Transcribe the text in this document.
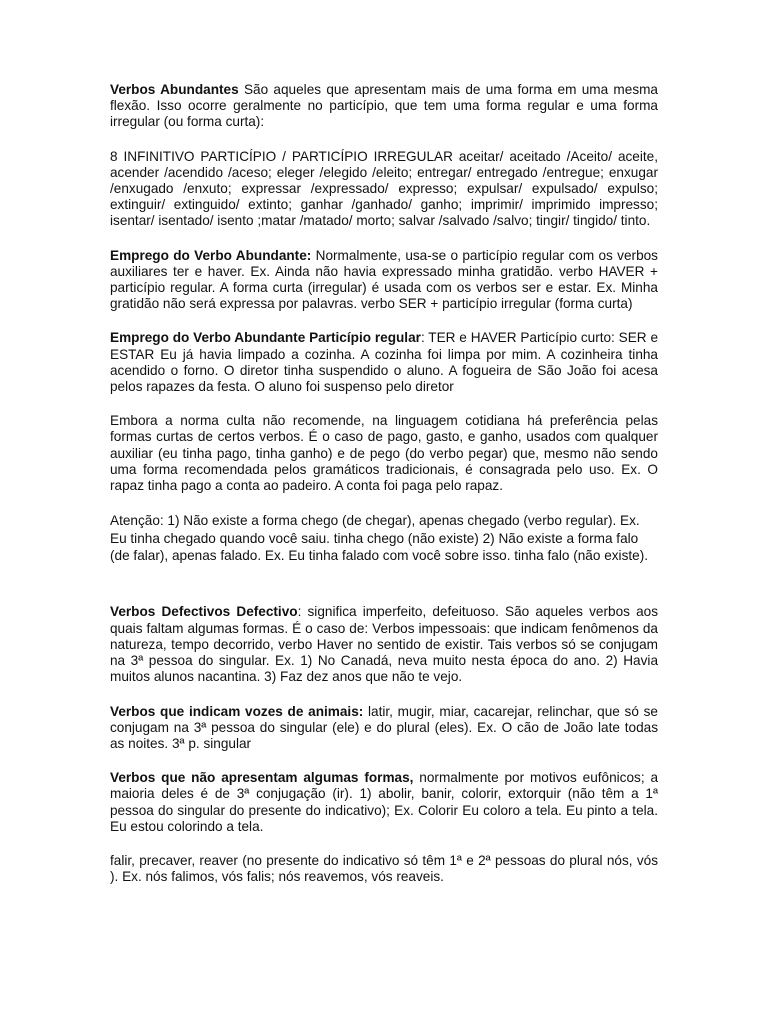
Verbos Abundantes São aqueles que apresentam mais de uma forma em uma mesma flexão. Isso ocorre geralmente no particípio, que tem uma forma regular e uma forma irregular (ou forma curta):

8 INFINITIVO PARTICÍPIO / PARTICÍPIO IRREGULAR aceitar/ aceitado /Aceito/ aceite, acender /acendido /aceso; eleger /elegido /eleito; entregar/ entregado /entregue; enxugar /enxugado /enxuto; expressar /expressado/ expresso; expulsar/ expulsado/ expulso; extinguir/ extinguido/ extinto; ganhar /ganhado/ ganho; imprimir/ imprimido impresso; isentar/ isentado/ isento ;matar /matado/ morto; salvar /salvado /salvo; tingir/ tingido/ tinto.

Emprego do Verbo Abundante: Normalmente, usa-se o particípio regular com os verbos auxiliares ter e haver. Ex. Ainda não havia expressado minha gratidão. verbo HAVER + particípio regular. A forma curta (irregular) é usada com os verbos ser e estar. Ex. Minha gratidão não será expressa por palavras. verbo SER + particípio irregular (forma curta)

Emprego do Verbo Abundante Particípio regular: TER e HAVER Particípio curto: SER e ESTAR Eu já havia limpado a cozinha. A cozinha foi limpa por mim. A cozinheira tinha acendido o forno. O diretor tinha suspendido o aluno. A fogueira de São João foi acesa pelos rapazes da festa. O aluno foi suspenso pelo diretor

Embora a norma culta não recomende, na linguagem cotidiana há preferência pelas formas curtas de certos verbos. É o caso de pago, gasto, e ganho, usados com qualquer auxiliar (eu tinha pago, tinha ganho) e de pego (do verbo pegar) que, mesmo não sendo uma forma recomendada pelos gramáticos tradicionais, é consagrada pelo uso. Ex. O rapaz tinha pago a conta ao padeiro. A conta foi paga pelo rapaz.

Atenção: 1) Não existe a forma chego (de chegar), apenas chegado (verbo regular). Ex. Eu tinha chegado quando você saiu. tinha chego (não existe) 2) Não existe a forma falo (de falar), apenas falado. Ex. Eu tinha falado com você sobre isso. tinha falo (não existe).

Verbos Defectivos Defectivo: significa imperfeito, defeituoso. São aqueles verbos aos quais faltam algumas formas. É o caso de: Verbos impessoais: que indicam fenômenos da natureza, tempo decorrido, verbo Haver no sentido de existir. Tais verbos só se conjugam na 3ª pessoa do singular. Ex. 1) No Canadá, neva muito nesta época do ano. 2) Havia muitos alunos nacantina. 3) Faz dez anos que não te vejo.

Verbos que indicam vozes de animais: latir, mugir, miar, cacarejar, relinchar, que só se conjugam na 3ª pessoa do singular (ele) e do plural (eles). Ex. O cão de João late todas as noites. 3ª p. singular

Verbos que não apresentam algumas formas, normalmente por motivos eufônicos; a maioria deles é de 3ª conjugação (ir). 1) abolir, banir, colorir, extorquir (não têm a 1ª pessoa do singular do presente do indicativo); Ex. Colorir Eu coloro a tela. Eu pinto a tela. Eu estou colorindo a tela.

falir, precaver, reaver (no presente do indicativo só têm 1ª e 2ª pessoas do plural nós, vós ). Ex. nós falimos, vós falis; nós reavemos, vós reaveis.
